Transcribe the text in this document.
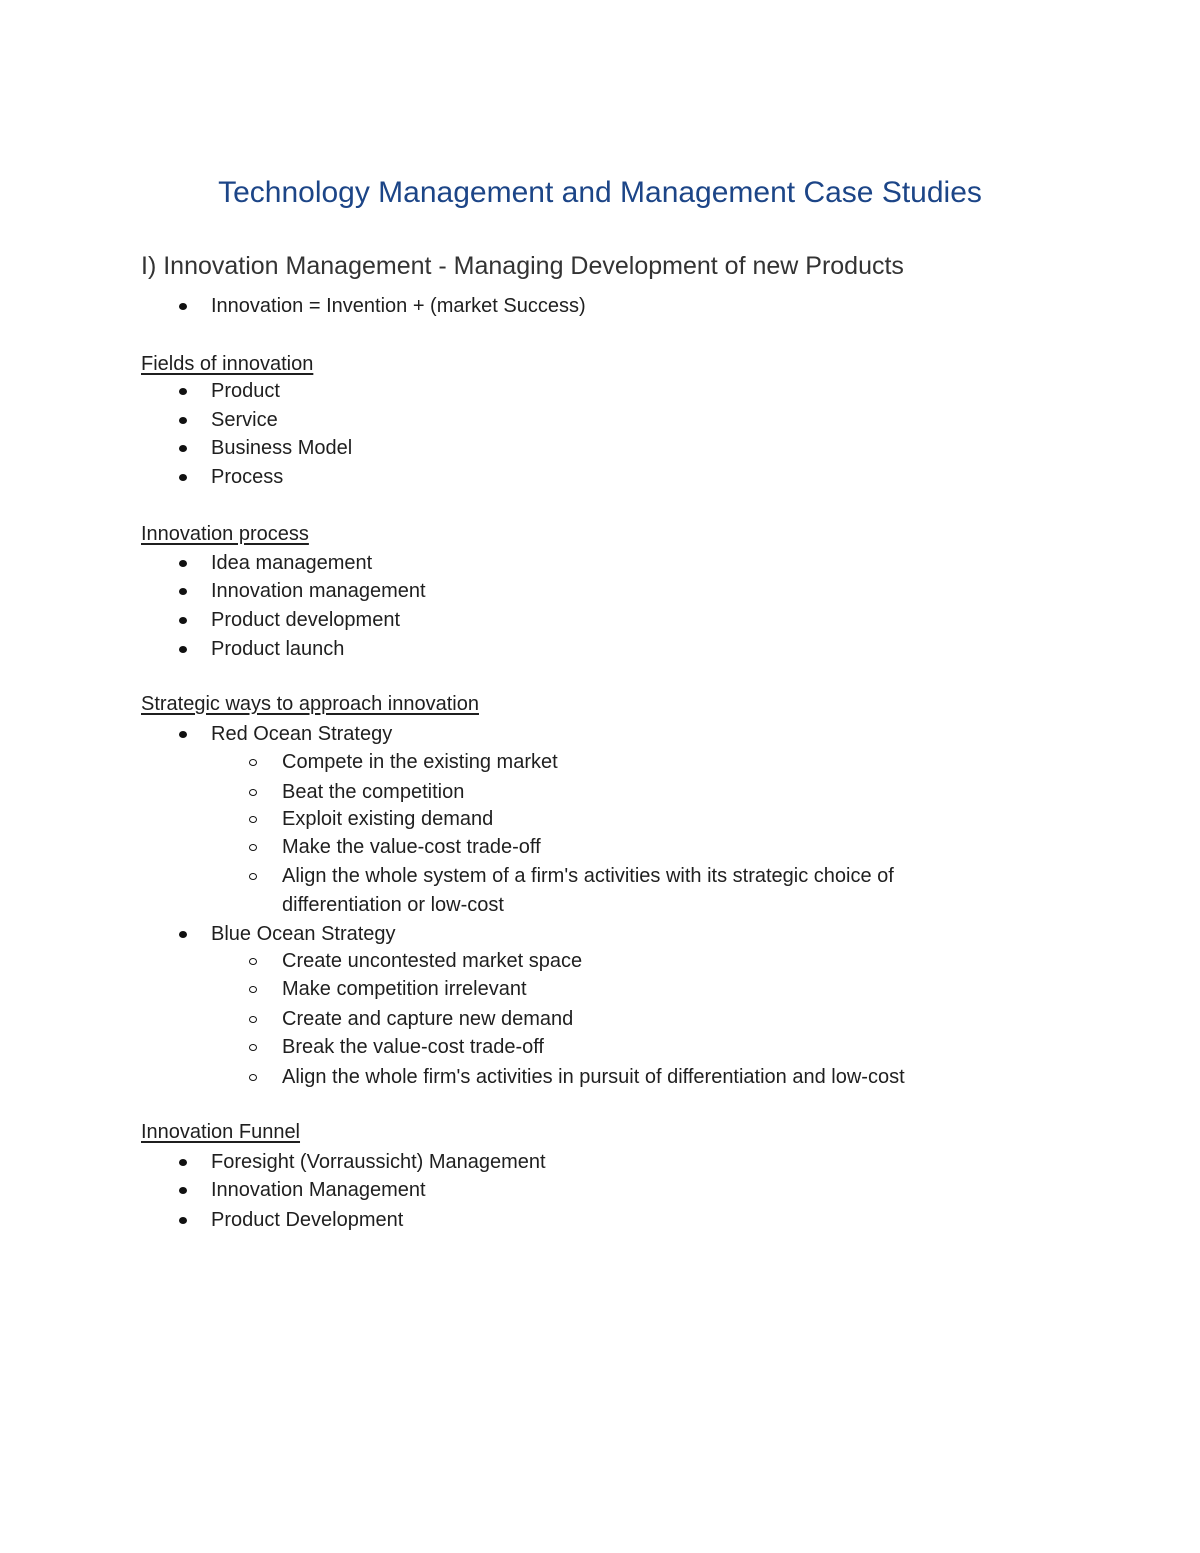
Technology Management and Management Case Studies
I) Innovation Management - Managing Development of new Products
Innovation = Invention + (market Success)
Fields of innovation
Product
Service
Business Model
Process
Innovation process
Idea management
Innovation management
Product development
Product launch
Strategic ways to approach innovation
Red Ocean Strategy
Compete in the existing market
Beat the competition
Exploit existing demand
Make the value-cost trade-off
Align the whole system of a firm's activities with its strategic choice of
differentiation or low-cost
Blue Ocean Strategy
Create uncontested market space
Make competition irrelevant
Create and capture new demand
Break the value-cost trade-off
Align the whole firm's activities in pursuit of differentiation and low-cost
Innovation Funnel
Foresight (Vorraussicht) Management
Innovation Management
Product Development
